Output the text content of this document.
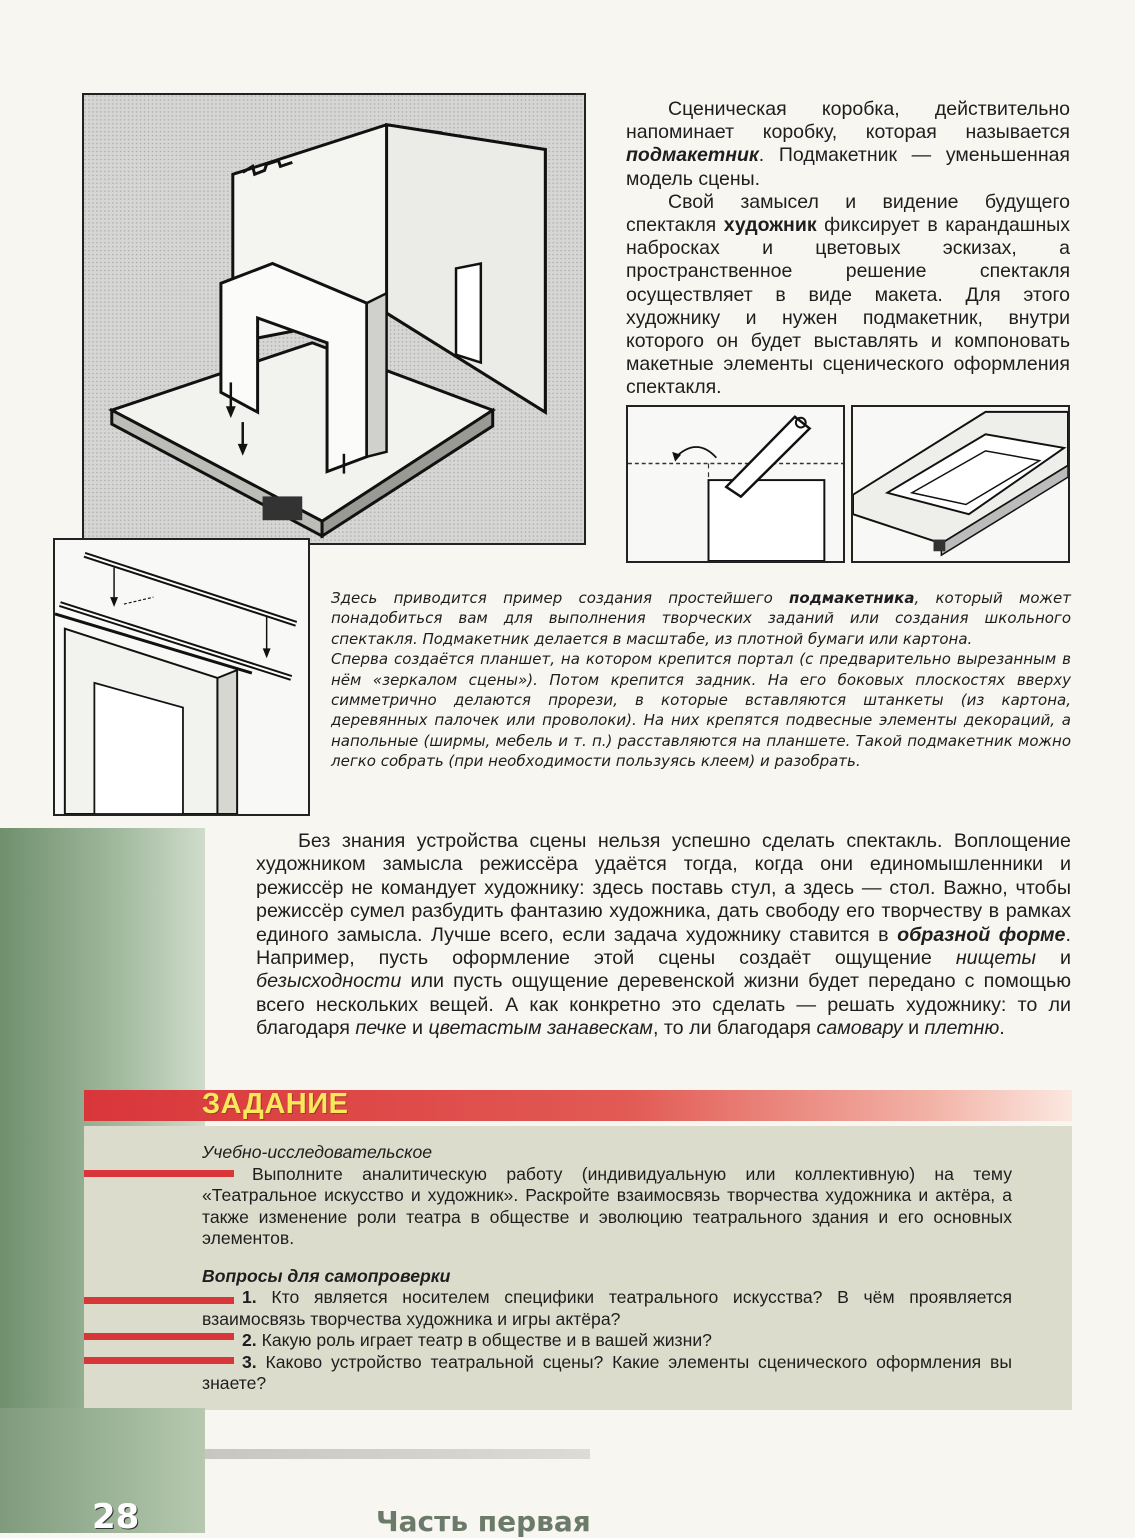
Сценическая коробка, действительно напоминает коробку, которая называется подмакетник. Подмакетник — уменьшенная модель сцены.

Свой замысел и видение будущего спектакля художник фиксирует в карандашных набросках и цветовых эскизах, а пространственное решение спектакля осуществляет в виде макета. Для этого художнику и нужен подмакетник, внутри которого он будет выставлять и компоновать макетные элементы сценического оформления спектакля.

Здесь приводится пример создания простейшего подмакетника, который может понадобиться вам для выполнения творческих заданий или создания школьного спектакля. Подмакетник делается в масштабе, из плотной бумаги или картона.

Сперва создаётся планшет, на котором крепится портал (с предварительно вырезанным в нём «зеркалом сцены»). Потом крепится задник. На его боковых плоскостях вверху симметрично делаются прорези, в которые вставляются штанкеты (из картона, деревянных палочек или проволоки). На них крепятся подвесные элементы декораций, а напольные (ширмы, мебель и т. п.) расставляются на планшете. Такой подмакетник можно легко собрать (при необходимости пользуясь клеем) и разобрать.

Без знания устройства сцены нельзя успешно сделать спектакль. Воплощение художником замысла режиссёра удаётся тогда, когда они единомышленники и режиссёр не командует художнику: здесь поставь стул, а здесь — стол. Важно, чтобы режиссёр сумел разбудить фантазию художника, дать свободу его творчеству в рамках единого замысла. Лучше всего, если задача художнику ставится в образной форме. Например, пусть оформление этой сцены создаёт ощущение нищеты и безысходности или пусть ощущение деревенской жизни будет передано с помощью всего нескольких вещей. А как конкретно это сделать — решать художнику: то ли благодаря печке и цветастым занавескам, то ли благодаря самовару и плетню.

ЗАДАНИЕ

Учебно-исследовательское

Выполните аналитическую работу (индивидуальную или коллективную) на тему «Театральное искусство и художник». Раскройте взаимосвязь творчества художника и актёра, а также изменение роли театра в обществе и эволюцию театрального здания и его основных элементов.

Вопросы для самопроверки

1. Кто является носителем специфики театрального искусства? В чём проявляется взаимосвязь творчества художника и игры актёра?

2. Какую роль играет театр в обществе и в вашей жизни?

3. Каково устройство театральной сцены? Какие элементы сценического оформления вы знаете?

28	Часть первая
